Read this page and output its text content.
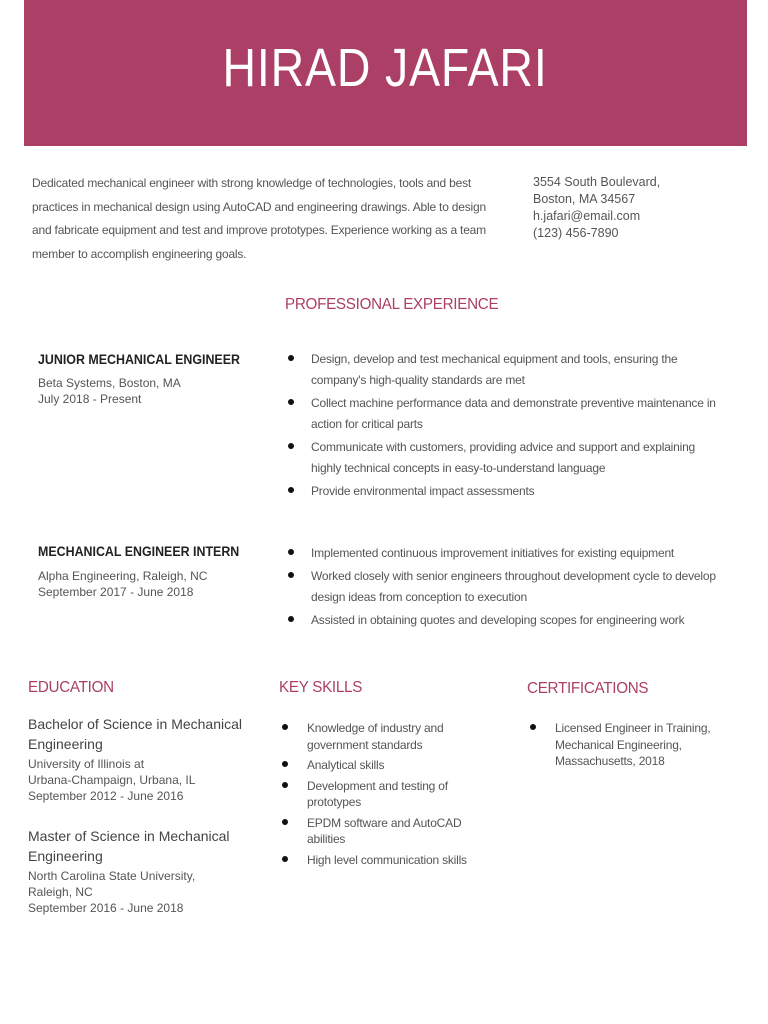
HIRAD JAFARI

Dedicated mechanical engineer with strong knowledge of technologies, tools and best practices in mechanical design using AutoCAD and engineering drawings. Able to design and fabricate equipment and test and improve prototypes. Experience working as a team member to accomplish engineering goals.

3554 South Boulevard,
Boston, MA 34567
h.jafari@email.com
(123) 456-7890
PROFESSIONAL EXPERIENCE
JUNIOR MECHANICAL ENGINEER
Beta Systems, Boston, MA
July 2018 - Present
Design, develop and test mechanical equipment and tools, ensuring the company's high-quality standards are met
Collect machine performance data and demonstrate preventive maintenance in action for critical parts
Communicate with customers, providing advice and support and explaining highly technical concepts in easy-to-understand language
Provide environmental impact assessments
MECHANICAL ENGINEER INTERN
Alpha Engineering, Raleigh, NC
September 2017 - June 2018
Implemented continuous improvement initiatives for existing equipment
Worked closely with senior engineers throughout development cycle to develop design ideas from conception to execution
Assisted in obtaining quotes and developing scopes for engineering work
EDUCATION
Bachelor of Science in Mechanical Engineering
University of Illinois at
Urbana-Champaign, Urbana, IL
September 2012 - June 2016
Master of Science in Mechanical Engineering
North Carolina State University,
Raleigh, NC
September 2016 - June 2018
KEY SKILLS
Knowledge of industry and government standards
Analytical skills
Development and testing of prototypes
EPDM software and AutoCAD abilities
High level communication skills
CERTIFICATIONS
Licensed Engineer in Training, Mechanical Engineering, Massachusetts, 2018
